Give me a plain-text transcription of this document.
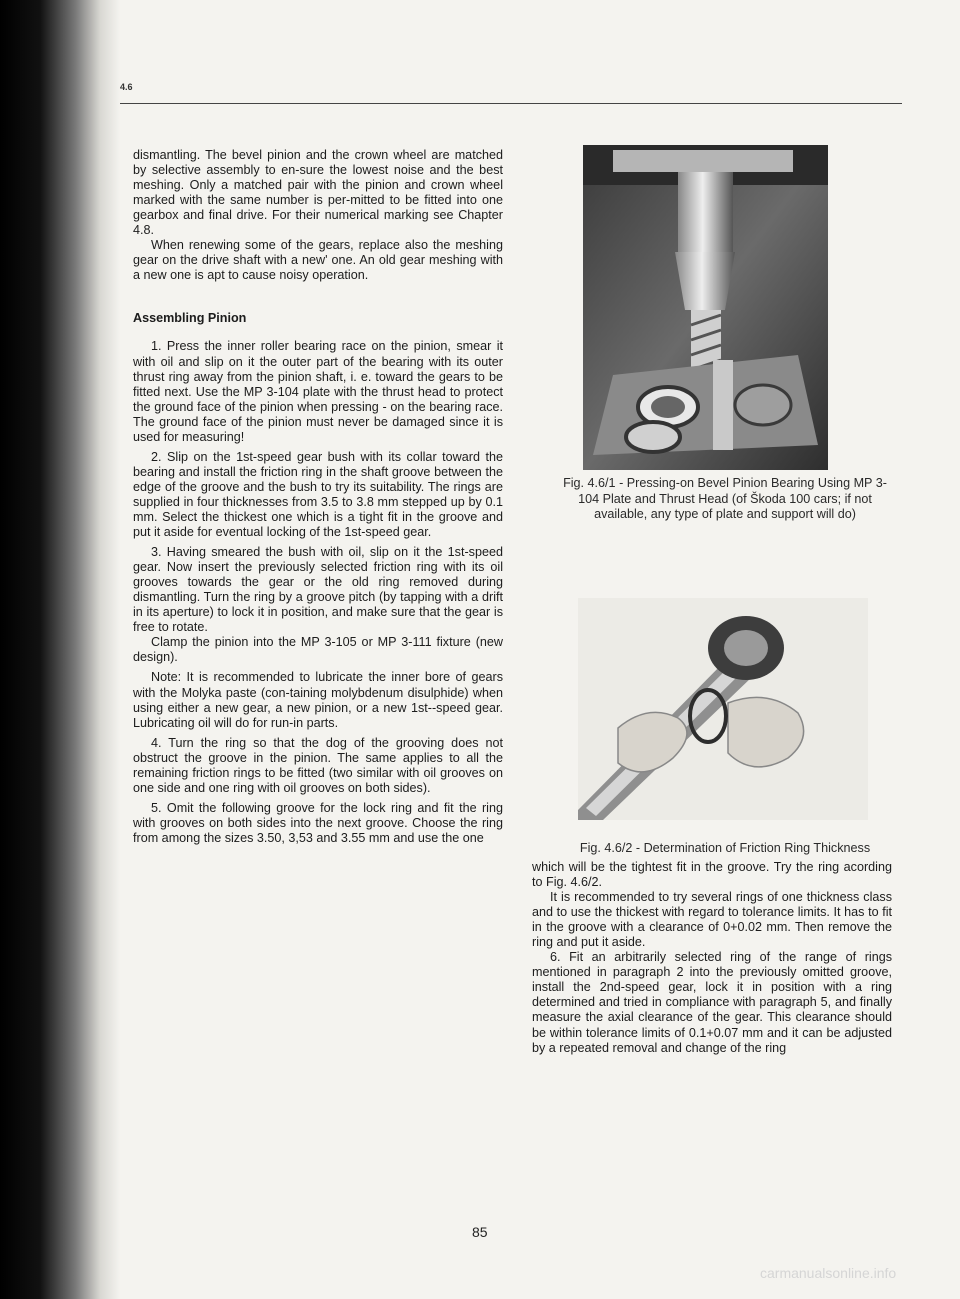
4.6

dismantling. The bevel pinion and the crown wheel are matched by selective assembly to en-sure the lowest noise and the best meshing. Only a matched pair with the pinion and crown wheel marked with the same number is per-mitted to be fitted into one gearbox and final drive. For their numerical marking see Chapter 4.8.

When renewing some of the gears, replace also the meshing gear on the drive shaft with a new' one. An old gear meshing with a new one is apt to cause noisy operation.

Assembling Pinion

1. Press the inner roller bearing race on the pinion, smear it with oil and slip on it the outer part of the bearing with its outer thrust ring away from the pinion shaft, i. e. toward the gears to be fitted next. Use the MP 3-104 plate with the thrust head to protect the ground face of the pinion when pressing - on the bearing race. The ground face of the pinion must never be damaged since it is used for measuring!

2. Slip on the 1st-speed gear bush with its collar toward the bearing and install the friction ring in the shaft groove between the edge of the groove and the bush to try its suitability. The rings are supplied in four thicknesses from 3.5 to 3.8 mm stepped up by 0.1 mm. Select the thickest one which is a tight fit in the groove and put it aside for eventual locking of the 1st-speed gear.

3. Having smeared the bush with oil, slip on it the 1st-speed gear. Now insert the previously selected friction ring with its oil grooves towards the gear or the old ring removed during dismantling. Turn the ring by a groove pitch (by tapping with a drift in its aperture) to lock it in position, and make sure that the gear is free to rotate.

Clamp the pinion into the MP 3-105 or MP 3-111 fixture (new design).

Note: It is recommended to lubricate the inner bore of gears with the Molyka paste (con-taining molybdenum disulphide) when using either a new gear, a new pinion, or a new 1st--speed gear. Lubricating oil will do for run-in parts.

4. Turn the ring so that the dog of the grooving does not obstruct the groove in the pinion. The same applies to all the remaining friction rings to be fitted (two similar with oil grooves on one side and one ring with oil grooves on both sides).

5. Omit the following groove for the lock ring and fit the ring with grooves on both sides into the next groove. Choose the ring from among the sizes 3.50, 3,53 and 3.55 mm and use the one

Fig. 4.6/1 - Pressing-on Bevel Pinion Bearing Using MP 3-104 Plate and Thrust Head (of Škoda 100 cars; if not available, any type of plate and support will do)
Fig. 4.6/2 - Determination of Friction Ring Thickness

which will be the tightest fit in the groove. Try the ring acording to Fig. 4.6/2.

It is recommended to try several rings of one thickness class and to use the thickest with regard to tolerance limits. It has to fit in the groove with a clearance of 0+0.02 mm. Then remove the ring and put it aside.

6. Fit an arbitrarily selected ring of the range of rings mentioned in paragraph 2 into the previously omitted groove, install the 2nd-speed gear, lock it in position with a ring determined and tried in compliance with paragraph 5, and finally measure the axial clearance of the gear. This clearance should be within tolerance limits of 0.1+0.07 mm and it can be adjusted by a repeated removal and change of the ring

85
carmanualsonline.info
